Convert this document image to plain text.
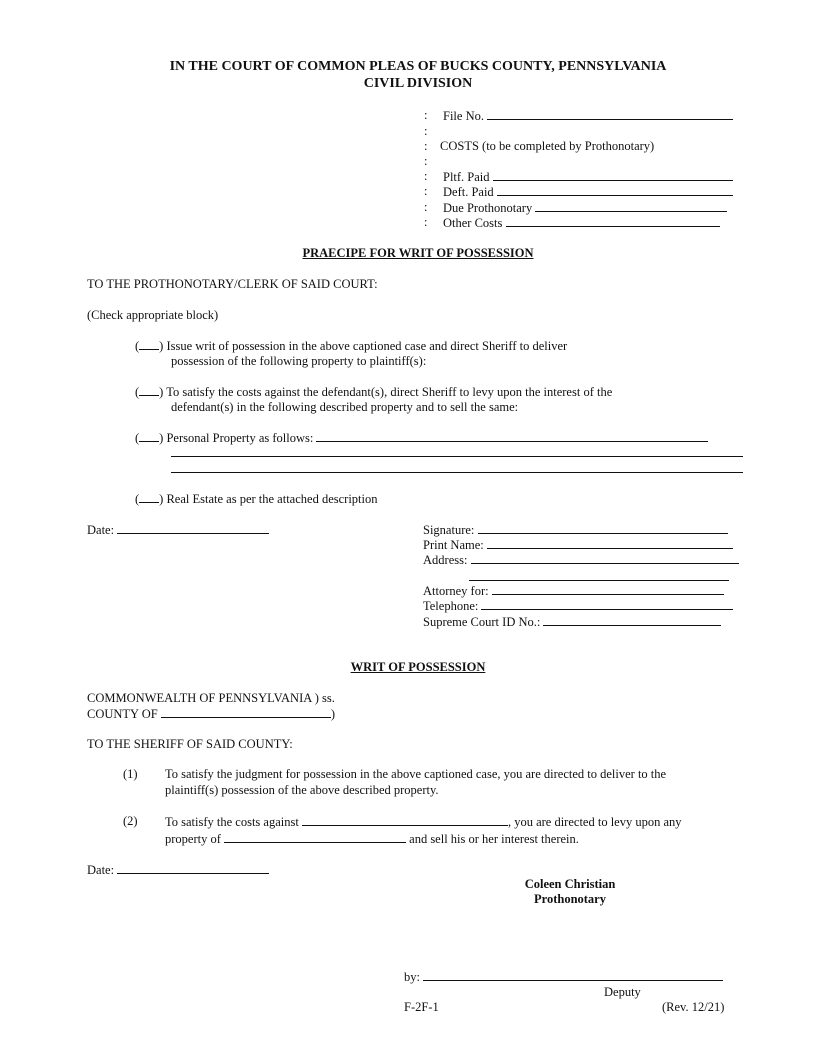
IN THE COURT OF COMMON PLEAS OF BUCKS COUNTY, PENNSYLVANIA
CIVIL DIVISION
: File No.
:
: COSTS (to be completed by Prothonotary)
:
: Pltf. Paid
: Deft. Paid
: Due Prothonotary
: Other Costs
PRAECIPE FOR WRIT OF POSSESSION
TO THE PROTHONOTARY/CLERK OF SAID COURT:
(Check appropriate block)
( ) Issue writ of possession in the above captioned case and direct Sheriff to deliver
possession of the following property to plaintiff(s):
( ) To satisfy the costs against the defendant(s), direct Sheriff to levy upon the interest of the
defendant(s) in the following described property and to sell the same:
( ) Personal Property as follows:
( ) Real Estate as per the attached description
Date:	Signature:
Print Name:
Address:
Attorney for:
Telephone:
Supreme Court ID No.:
WRIT OF POSSESSION
COMMONWEALTH OF PENNSYLVANIA ) ss.
COUNTY OF	)
TO THE SHERIFF OF SAID COUNTY:
(1) To satisfy the judgment for possession in the above captioned case, you are directed to deliver to the
plaintiff(s) possession of the above described property.
(2) To satisfy the costs against	, you are directed to levy upon any
property of	and sell his or her interest therein.
Date:
Coleen Christian
Prothonotary
by:
Deputy
F-2F-1	(Rev. 12/21)
